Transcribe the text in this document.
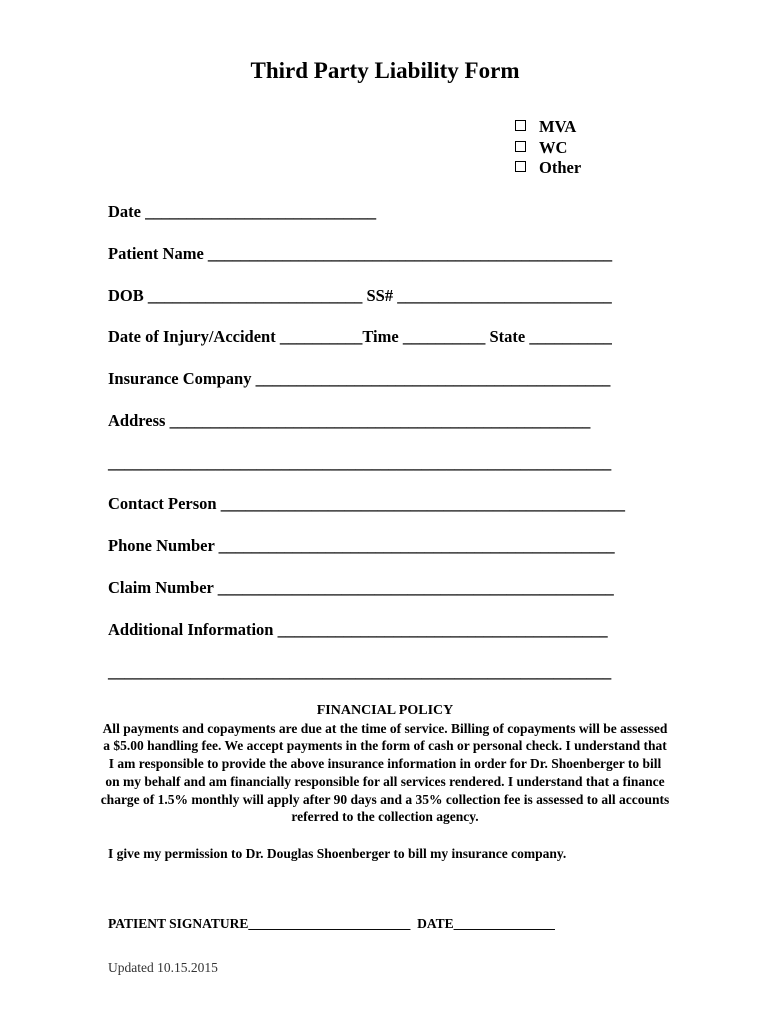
Third Party Liability Form
MVA
WC
Other
Date ____________________________
Patient Name _________________________________________________
DOB __________________________ SS# __________________________
Date of Injury/Accident __________Time __________ State __________
Insurance Company ___________________________________________
Address ___________________________________________________
_____________________________________________________________
Contact Person _________________________________________________
Phone Number ________________________________________________
Claim Number ________________________________________________
Additional Information ________________________________________
_____________________________________________________________
FINANCIAL POLICY
All payments and copayments are due at the time of service. Billing of copayments will be assessed a $5.00 handling fee. We accept payments in the form of cash or personal check. I understand that I am responsible to provide the above insurance information in order for Dr. Shoenberger to bill on my behalf and am financially responsible for all services rendered. I understand that a finance charge of 1.5% monthly will apply after 90 days and a 35% collection fee is assessed to all accounts referred to the collection agency.
I give my permission to Dr. Douglas Shoenberger to bill my insurance company.
PATIENT SIGNATURE________________________ DATE_______________
Updated 10.15.2015
